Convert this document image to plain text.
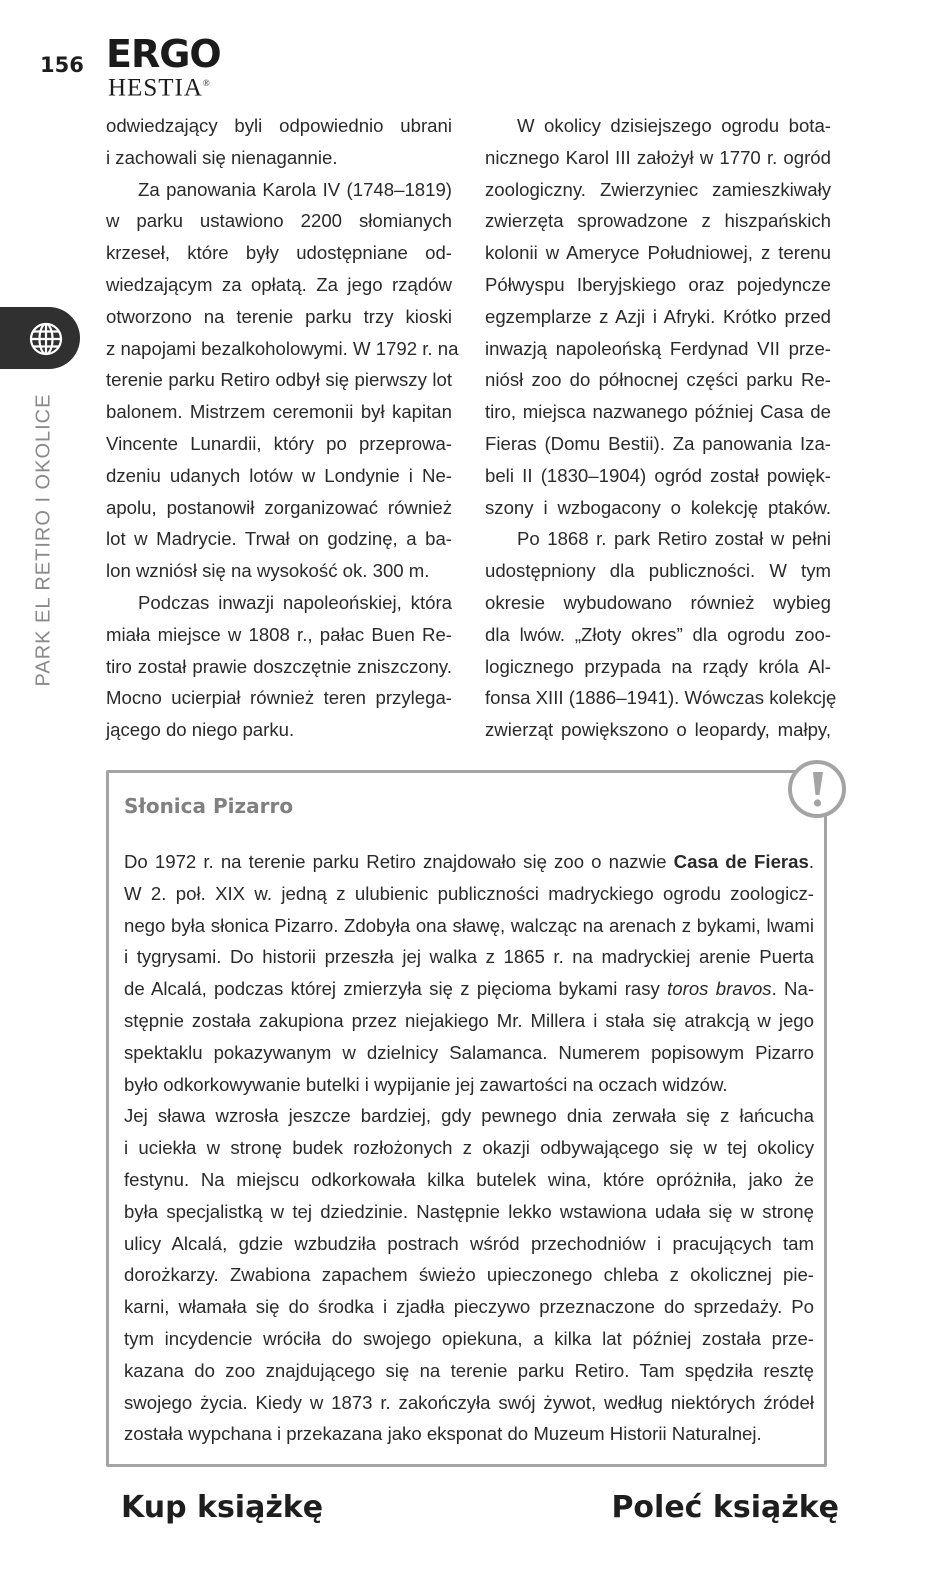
156 ERGO
HESTIA®
PARK EL RETIRO I OKOLICE
odwiedzający byli odpowiednio ubrani
i zachowali się nienagannie.
Za panowania Karola IV (1748–1819)
w parku ustawiono 2200 słomianych
krzeseł, które były udostępniane od-
wiedzającym za opłatą. Za jego rządów
otworzono na terenie parku trzy kioski
z napojami bezalkoholowymi. W 1792 r. na
terenie parku Retiro odbył się pierwszy lot
balonem. Mistrzem ceremonii był kapitan
Vincente Lunardii, który po przeprowa-
dzeniu udanych lotów w Londynie i Ne-
apolu, postanowił zorganizować również
lot w Madrycie. Trwał on godzinę, a ba-
lon wzniósł się na wysokość ok. 300 m.
Podczas inwazji napoleońskiej, która
miała miejsce w 1808 r., pałac Buen Re-
tiro został prawie doszczętnie zniszczony.
Mocno ucierpiał również teren przylega-
jącego do niego parku.
W okolicy dzisiejszego ogrodu bota-
nicznego Karol III założył w 1770 r. ogród
zoologiczny. Zwierzyniec zamieszkiwały
zwierzęta sprowadzone z hiszpańskich
kolonii w Ameryce Południowej, z terenu
Półwyspu Iberyjskiego oraz pojedyncze
egzemplarze z Azji i Afryki. Krótko przed
inwazją napoleońską Ferdynad VII prze-
niósł zoo do północnej części parku Re-
tiro, miejsca nazwanego później Casa de
Fieras (Domu Bestii). Za panowania Iza-
beli II (1830–1904) ogród został powięk-
szony i wzbogacony o kolekcję ptaków.
Po 1868 r. park Retiro został w pełni
udostępniony dla publiczności. W tym
okresie wybudowano również wybieg
dla lwów. „Złoty okres” dla ogrodu zoo-
logicznego przypada na rządy króla Al-
fonsa XIII (1886–1941). Wówczas kolekcję
zwierząt powiększono o leopardy, małpy,
Słonica Pizarro
Do 1972 r. na terenie parku Retiro znajdowało się zoo o nazwie Casa de Fieras.
W 2. poł. XIX w. jedną z ulubienic publiczności madryckiego ogrodu zoologicz-
nego była słonica Pizarro. Zdobyła ona sławę, walcząc na arenach z bykami, lwami
i tygrysami. Do historii przeszła jej walka z 1865 r. na madryckiej arenie Puerta
de Alcalá, podczas której zmierzyła się z pięcioma bykami rasy toros bravos. Na-
stępnie została zakupiona przez niejakiego Mr. Millera i stała się atrakcją w jego
spektaklu pokazywanym w dzielnicy Salamanca. Numerem popisowym Pizarro
było odkorkowywanie butelki i wypijanie jej zawartości na oczach widzów.
Jej sława wzrosła jeszcze bardziej, gdy pewnego dnia zerwała się z łańcucha
i uciekła w stronę budek rozłożonych z okazji odbywającego się w tej okolicy
festynu. Na miejscu odkorkowała kilka butelek wina, które opróżniła, jako że
była specjalistką w tej dziedzinie. Następnie lekko wstawiona udała się w stronę
ulicy Alcalá, gdzie wzbudziła postrach wśród przechodniów i pracujących tam
dorożkarzy. Zwabiona zapachem świeżo upieczonego chleba z okolicznej pie-
karni, włamała się do środka i zjadła pieczywo przeznaczone do sprzedaży. Po
tym incydencie wróciła do swojego opiekuna, a kilka lat później została prze-
kazana do zoo znajdującego się na terenie parku Retiro. Tam spędziła resztę
swojego życia. Kiedy w 1873 r. zakończyła swój żywot, według niektórych źródeł
została wypchana i przekazana jako eksponat do Muzeum Historii Naturalnej.
Kup książkę	Poleć książkę
